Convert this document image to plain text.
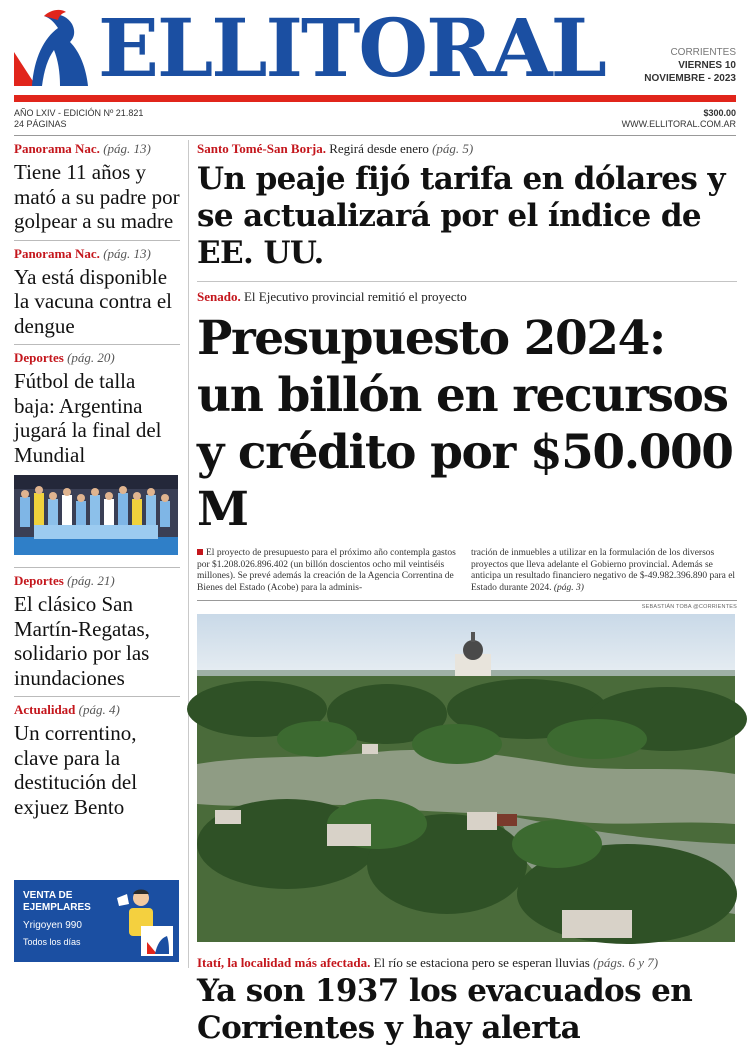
ELLITORAL	CORRIENTES
VIERNES 10
NOVIEMBRE - 2023
AÑO LXIV - EDICIÓN Nº 21.821
24 PÁGINAS
$300.00
WWW.ELLITORAL.COM.AR
Panorama Nac. (pág. 13)
Tiene 11 años y mató a su padre por golpear a su madre
Panorama Nac. (pág. 13)
Ya está disponible la vacuna contra el dengue
Deportes (pág. 20)
Fútbol de talla baja: Argentina jugará la final del Mundial
Deportes (pág. 21)
El clásico San Martín-Regatas, solidario por las inundaciones
Actualidad (pág. 4)
Un correntino, clave para la destitución del exjuez Bento
VENTA DE
EJEMPLARES
Yrigoyen 990
Todos los días
Santo Tomé-San Borja. Regirá desde enero (pág. 5)
Un peaje fijó tarifa en dólares y se actualizará por el índice de EE. UU.
Senado. El Ejecutivo provincial remitió el proyecto
Presupuesto 2024: un billón en recursos y crédito por $50.000 M
El proyecto de presupuesto para el próximo año contempla gastos por $1.208.026.896.402 (un billón doscientos ocho mil veintiséis millones). Se prevé además la creación de la Agencia Correntina de Bienes del Estado (Acobe) para la adminis-
tración de inmuebles a utilizar en la formulación de los diversos proyectos que lleva adelante el Gobierno provincial. Además se anticipa un resultado financiero negativo de $-49.982.396.890 para el Estado durante 2024. (pág. 3)
SEBASTIÁN TOBA @CORRIENTES
Itatí, la localidad más afectada. El río se estaciona pero se esperan lluvias (págs. 6 y 7)
Ya son 1937 los evacuados en Corrientes y hay alerta
